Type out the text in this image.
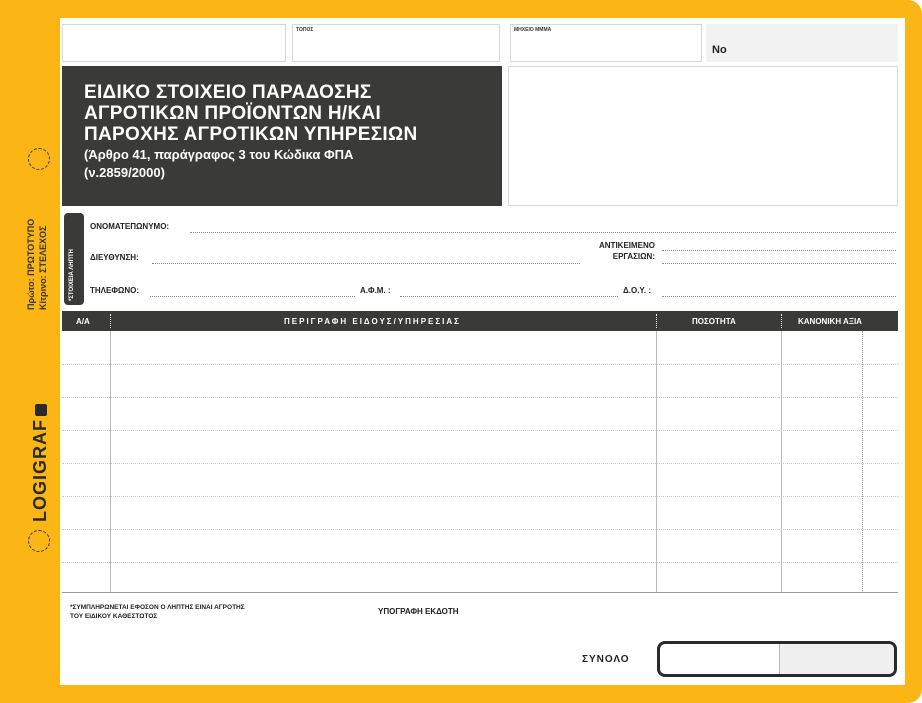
Πρώτο: ΠΡΩΤΟΤΥΠΟ Κίτρινο: ΣΤΕΛΕΧΟΣ
LOGIGRAF
ΤΟΠΟΣ	ΜΗΧΕΙΟ ΜΜΜΑ
No
ΕΙΔΙΚΟ ΣΤΟΙΧΕΙΟ ΠΑΡΑΔΟΣΗΣ
ΑΓΡΟΤΙΚΩΝ ΠΡΟΪΟΝΤΩΝ Η/ΚΑΙ
ΠΑΡΟΧΗΣ ΑΓΡΟΤΙΚΩΝ ΥΠΗΡΕΣΙΩΝ
(Άρθρο 41, παράγραφος 3 του Κώδικα ΦΠΑ
(ν.2859/2000)
*ΣΤΟΙΧΕΙΑ ΛΗΠΤΗ
ΟΝΟΜΑΤΕΠΩΝΥΜΟ:
ΔΙΕΥΘΥΝΣΗ:
ΑΝΤΙΚΕΙΜΕΝΟ
ΕΡΓΑΣΙΩΝ:
ΤΗΛΕΦΩΝΟ:	Α.Φ.Μ. :	Δ.Ο.Υ. :
Α/Α	ΠΕΡΙΓΡΑΦΗ ΕΙΔΟΥΣ/ΥΠΗΡΕΣΙΑΣ	ΠΟΣΟΤΗΤΑ	ΚΑΝΟΝΙΚΗ ΑΞΙΑ
*ΣΥΜΠΛΗΡΩΝΕΤΑΙ ΕΦΟΣΟΝ Ο ΛΗΠΤΗΣ ΕΙΝΑΙ ΑΓΡΟΤΗΣ
ΤΟΥ ΕΙΔΙΚΟΥ ΚΑΘΕΣΤΩΤΟΣ
ΥΠΟΓΡΑΦΗ ΕΚΔΟΤΗ
ΣΥΝΟΛΟ
